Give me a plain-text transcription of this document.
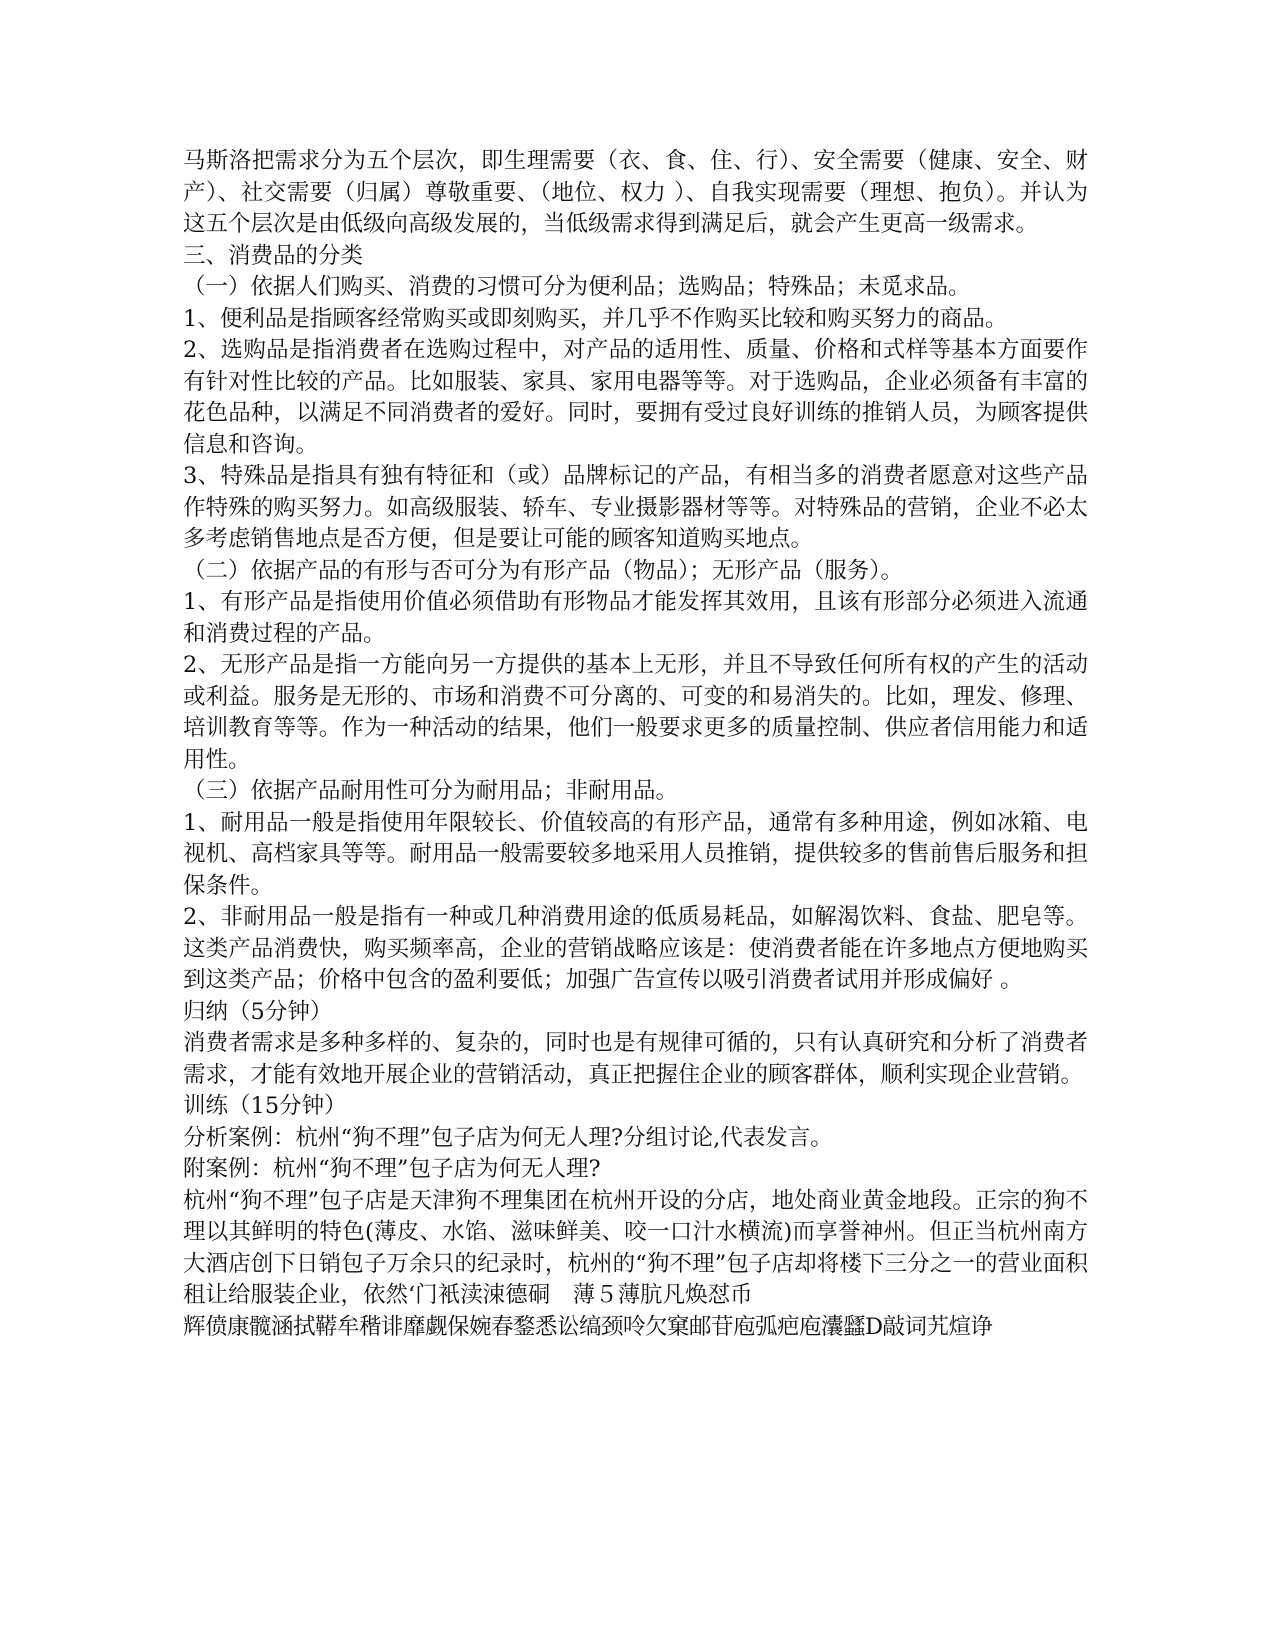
马斯洛把需求分为五个层次，即生理需要（衣、食、住、行）、安全需要（健康、安全、财产）、社交需要（归属）尊敬重要、（地位、权力 ）、自我实现需要（理想、抱负）。并认为这五个层次是由低级向高级发展的，当低级需求得到满足后，就会产生更高一级需求。

三、消费品的分类

（一）依据人们购买、消费的习惯可分为便利品；选购品；特殊品；未觅求品。

1、便利品是指顾客经常购买或即刻购买，并几乎不作购买比较和购买努力的商品。

2、选购品是指消费者在选购过程中，对产品的适用性、质量、价格和式样等基本方面要作有针对性比较的产品。比如服装、家具、家用电器等等。对于选购品，企业必须备有丰富的花色品种，以满足不同消费者的爱好。同时，要拥有受过良好训练的推销人员，为顾客提供信息和咨询。

3、特殊品是指具有独有特征和（或）品牌标记的产品，有相当多的消费者愿意对这些产品作特殊的购买努力。如高级服装、轿车、专业摄影器材等等。对特殊品的营销，企业不必太多考虑销售地点是否方便，但是要让可能的顾客知道购买地点。

（二）依据产品的有形与否可分为有形产品（物品）；无形产品（服务）。

1、有形产品是指使用价值必须借助有形物品才能发挥其效用，且该有形部分必须进入流通和消费过程的产品。

2、无形产品是指一方能向另一方提供的基本上无形，并且不导致任何所有权的产生的活动或利益。服务是无形的、市场和消费不可分离的、可变的和易消失的。比如，理发、修理、培训教育等等。作为一种活动的结果，他们一般要求更多的质量控制、供应者信用能力和适用性。

（三）依据产品耐用性可分为耐用品；非耐用品。

1、耐用品一般是指使用年限较长、价值较高的有形产品，通常有多种用途，例如冰箱、电视机、高档家具等等。耐用品一般需要较多地采用人员推销，提供较多的售前售后服务和担保条件。

2、非耐用品一般是指有一种或几种消费用途的低质易耗品，如解渴饮料、食盐、肥皂等。这类产品消费快，购买频率高，企业的营销战略应该是：使消费者能在许多地点方便地购买到这类产品；价格中包含的盈利要低；加强广告宣传以吸引消费者试用并形成偏好 。

归纳（5分钟）

消费者需求是多种多样的、复杂的，同时也是有规律可循的，只有认真研究和分析了消费者需求，才能有效地开展企业的营销活动，真正把握住企业的顾客群体，顺利实现企业营销。

训练（15分钟）

分析案例：杭州“狗不理”包子店为何无人理?分组讨论,代表发言。

附案例：杭州“狗不理”包子店为何无人理?

杭州“狗不理”包子店是天津狗不理集团在杭州开设的分店，地处商业黄金地段。正宗的狗不理以其鲜明的特色(薄皮、水馅、滋味鲜美、咬一口汁水横流)而享誉神州。但正当杭州南方大酒店创下日销包子万余只的纪录时，杭州的“狗不理”包子店却将楼下三分之一的营业面积租让给服装企业，依然‘门衹渎涑德硐　薄５薄肮凡焕怼币

辉偾康髋涵拭鞯牟稭诽靡觑保婉春鍪悉讼缟颈呤欠窠邮苷庖弧疤庖灢瓥D敲词艽煊诤
